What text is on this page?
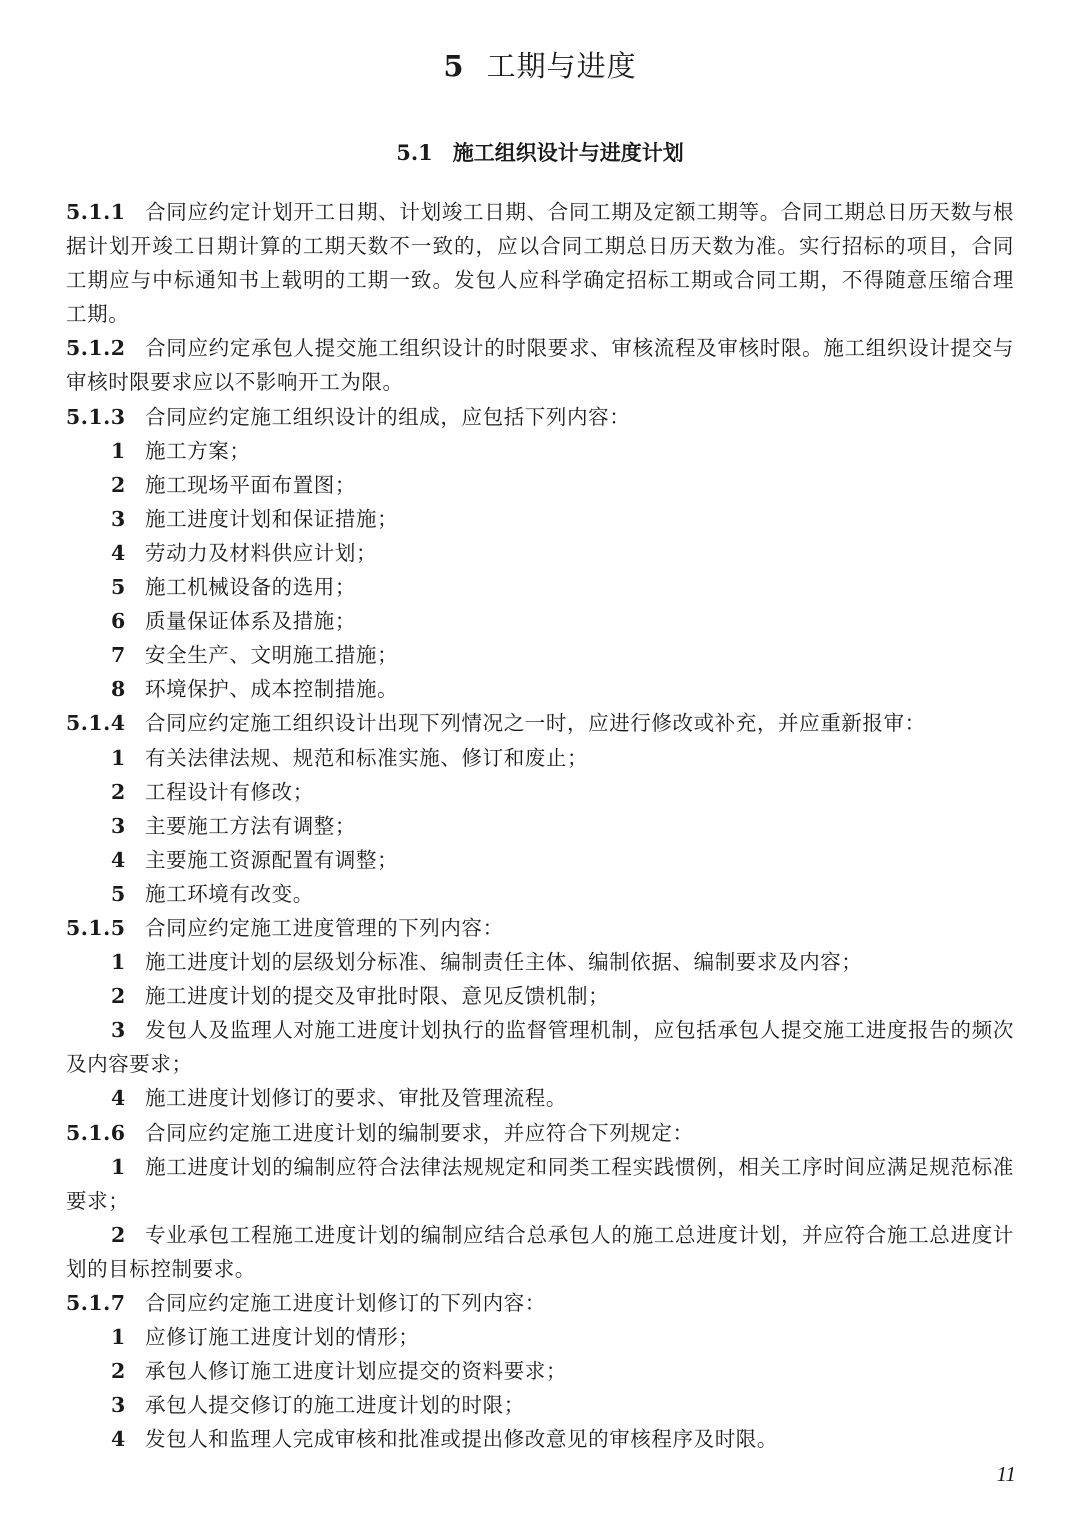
5 工期与进度
5.1 施工组织设计与进度计划

5.1.1 合同应约定计划开工日期、计划竣工日期、合同工期及定额工期等。合同工期总日历天数与根据计划开竣工日期计算的工期天数不一致的，应以合同工期总日历天数为准。实行招标的项目，合同工期应与中标通知书上载明的工期一致。发包人应科学确定招标工期或合同工期，不得随意压缩合理工期。

5.1.2 合同应约定承包人提交施工组织设计的时限要求、审核流程及审核时限。施工组织设计提交与审核时限要求应以不影响开工为限。

5.1.3 合同应约定施工组织设计的组成，应包括下列内容：

1 施工方案；

2 施工现场平面布置图；

3 施工进度计划和保证措施；

4 劳动力及材料供应计划；

5 施工机械设备的选用；

6 质量保证体系及措施；

7 安全生产、文明施工措施；

8 环境保护、成本控制措施。

5.1.4 合同应约定施工组织设计出现下列情况之一时，应进行修改或补充，并应重新报审：

1 有关法律法规、规范和标准实施、修订和废止；

2 工程设计有修改；

3 主要施工方法有调整；

4 主要施工资源配置有调整；

5 施工环境有改变。

5.1.5 合同应约定施工进度管理的下列内容：

1 施工进度计划的层级划分标准、编制责任主体、编制依据、编制要求及内容；

2 施工进度计划的提交及审批时限、意见反馈机制；

3 发包人及监理人对施工进度计划执行的监督管理机制，应包括承包人提交施工进度报告的频次及内容要求；

4 施工进度计划修订的要求、审批及管理流程。

5.1.6 合同应约定施工进度计划的编制要求，并应符合下列规定：

1 施工进度计划的编制应符合法律法规规定和同类工程实践惯例，相关工序时间应满足规范标准要求；

2 专业承包工程施工进度计划的编制应结合总承包人的施工总进度计划，并应符合施工总进度计划的目标控制要求。

5.1.7 合同应约定施工进度计划修订的下列内容：

1 应修订施工进度计划的情形；

2 承包人修订施工进度计划应提交的资料要求；

3 承包人提交修订的施工进度计划的时限；

4 发包人和监理人完成审核和批准或提出修改意见的审核程序及时限。

11
